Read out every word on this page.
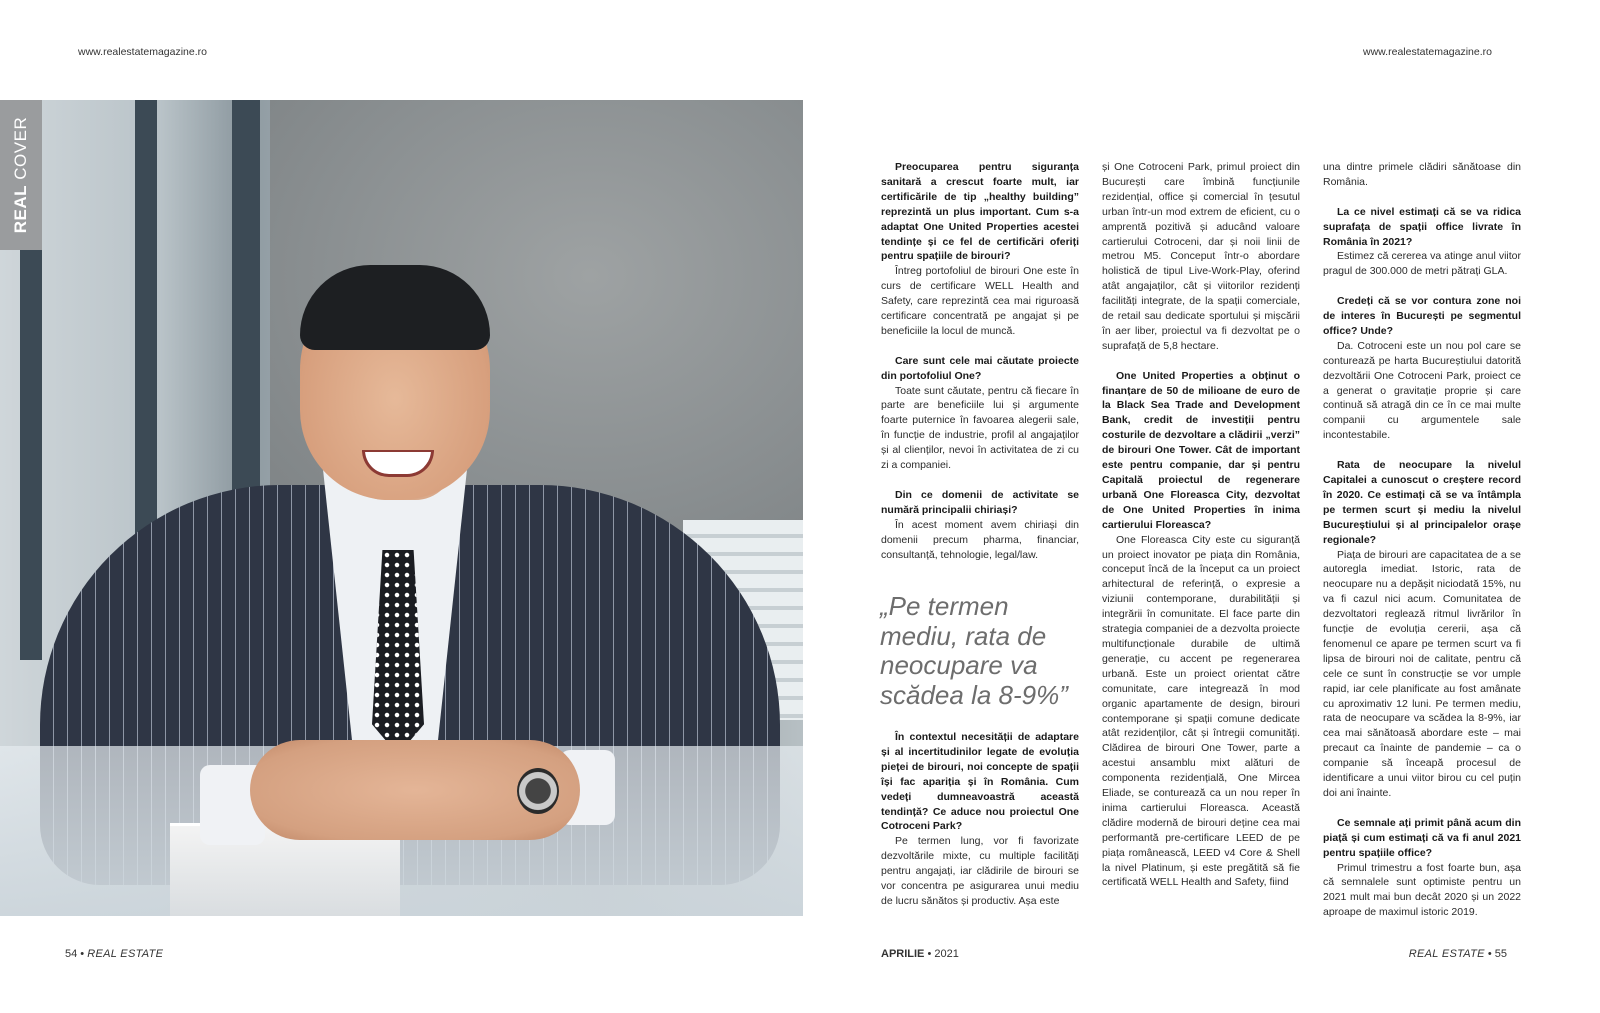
www.realestatemagazine.ro	www.realestatemagazine.ro
REAL COVER	Preocuparea pentru siguranța sanitară a crescut foarte mult, iar certificările de tip „healthy building” reprezintă un plus important. Cum s-a adaptat One United Properties acestei tendințe și ce fel de certificări oferiți pentru spațiile de birouri?

Întreg portofoliul de birouri One este în curs de certificare WELL Health and Safety, care reprezintă cea mai riguroasă certificare concentrată pe angajat și pe beneficiile la locul de muncă.

Care sunt cele mai căutate proiecte din portofoliul One?

Toate sunt căutate, pentru că fiecare în parte are beneficiile lui și argumente foarte puternice în favoarea alegerii sale, în funcție de industrie, profil al angajaților și al clienților, nevoi în activitatea de zi cu zi a companiei.

Din ce domenii de activitate se numără principalii chiriași?

În acest moment avem chiriași din domenii precum pharma, financiar, consultanță, tehnologie, legal/law.

„Pe termen mediu, rata de neocupare va scădea la 8-9%”

În contextul necesității de adaptare și al incertitudinilor legate de evoluția pieței de birouri, noi concepte de spații își fac apariția și în România. Cum vedeți dumneavoastră această tendință? Ce aduce nou proiectul One Cotroceni Park?

Pe termen lung, vor fi favorizate dezvoltările mixte, cu multiple facilități pentru angajați, iar clădirile de birouri se vor concentra pe asigurarea unui mediu de lucru sănătos și productiv. Așa este

și One Cotroceni Park, primul proiect din București care îmbină funcțiunile rezidențial, office și comercial în țesutul urban într-un mod extrem de eficient, cu o amprentă pozitivă și aducând valoare cartierului Cotroceni, dar și noii linii de metrou M5. Conceput într-o abordare holistică de tipul Live-Work-Play, oferind atât angajaților, cât și viitorilor rezidenți facilități integrate, de la spații comerciale, de retail sau dedicate sportului și mișcării în aer liber, proiectul va fi dezvoltat pe o suprafață de 5,8 hectare.

One United Properties a obținut o finanțare de 50 de milioane de euro de la Black Sea Trade and Development Bank, credit de investiții pentru costurile de dezvoltare a clădirii „verzi” de birouri One Tower. Cât de important este pentru companie, dar și pentru Capitală proiectul de regenerare urbană One Floreasca City, dezvoltat de One United Properties în inima cartierului Floreasca?

One Floreasca City este cu siguranță un proiect inovator pe piața din România, conceput încă de la început ca un proiect arhitectural de referință, o expresie a viziunii contemporane, durabilității și integrării în comunitate. El face parte din strategia companiei de a dezvolta proiecte multifuncționale durabile de ultimă generație, cu accent pe regenerarea urbană. Este un proiect orientat către comunitate, care integrează în mod organic apartamente de design, birouri contemporane și spații comune dedicate atât rezidenților, cât și întregii comunități. Clădirea de birouri One Tower, parte a acestui ansamblu mixt alături de componenta rezidențială, One Mircea Eliade, se conturează ca un nou reper în inima cartierului Floreasca. Această clădire modernă de birouri deține cea mai performantă pre-certificare LEED de pe piața românească, LEED v4 Core & Shell la nivel Platinum, și este pregătită să fie certificată WELL Health and Safety, fiind

una dintre primele clădiri sănătoase din România.

La ce nivel estimați că se va ridica suprafața de spații office livrate în România în 2021?

Estimez că cererea va atinge anul viitor pragul de 300.000 de metri pătrați GLA.

Credeți că se vor contura zone noi de interes în București pe segmentul office? Unde?

Da. Cotroceni este un nou pol care se conturează pe harta Bucureștiului datorită dezvoltării One Cotroceni Park, proiect ce a generat o gravitație proprie și care continuă să atragă din ce în ce mai multe companii cu argumentele sale incontestabile.

Rata de neocupare la nivelul Capitalei a cunoscut o creștere record în 2020. Ce estimați că se va întâmpla pe termen scurt și mediu la nivelul Bucureștiului și al principalelor orașe regionale?

Piața de birouri are capacitatea de a se autoregla imediat. Istoric, rata de neocupare nu a depășit niciodată 15%, nu va fi cazul nici acum. Comunitatea de dezvoltatori reglează ritmul livrărilor în funcție de evoluția cererii, așa că fenomenul ce apare pe termen scurt va fi lipsa de birouri noi de calitate, pentru că cele ce sunt în construcție se vor umple rapid, iar cele planificate au fost amânate cu aproximativ 12 luni. Pe termen mediu, rata de neocupare va scădea la 8-9%, iar cea mai sănătoasă abordare este – mai precaut ca înainte de pandemie – ca o companie să înceapă procesul de identificare a unui viitor birou cu cel puțin doi ani înainte.

Ce semnale ați primit până acum din piață și cum estimați că va fi anul 2021 pentru spațiile office?

Primul trimestru a fost foarte bun, așa că semnalele sunt optimiste pentru un 2021 mult mai bun decât 2020 și un 2022 aproape de maximul istoric 2019.

54 • REAL ESTATE	APRILIE • 2021	REAL ESTATE • 55
